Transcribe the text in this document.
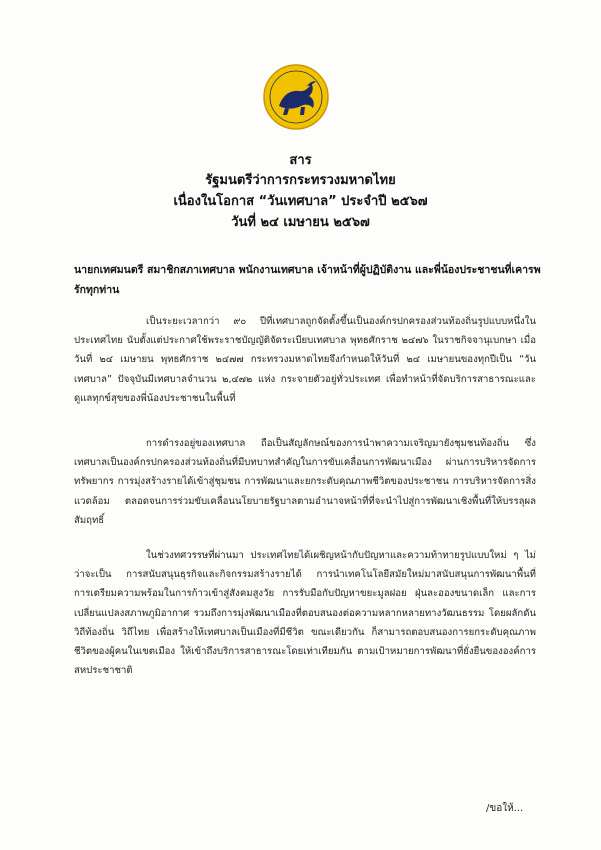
สาร
รัฐมนตรีว่าการกระทรวงมหาดไทย
เนื่องในโอกาส “วันเทศบาล” ประจำปี ๒๕๖๗
วันที่ ๒๔ เมษายน ๒๕๖๗
นายกเทศมนตรี สมาชิกสภาเทศบาล พนักงานเทศบาล เจ้าหน้าที่ผู้ปฏิบัติงาน และพี่น้องประชาชนที่เคารพรักทุกท่าน
เป็นระยะเวลากว่า ๙๐ ปีที่เทศบาลถูกจัดตั้งขึ้นเป็นองค์กรปกครองส่วนท้องถิ่นรูปแบบหนึ่งในประเทศไทย นับตั้งแต่ประกาศใช้พระราชบัญญัติจัดระเบียบเทศบาล พุทธศักราช ๒๔๗๖ ในราชกิจจานุเบกษา เมื่อวันที่ ๒๔ เมษายน พุทธศักราช ๒๔๗๗ กระทรวงมหาดไทยจึงกำหนดให้วันที่ ๒๔ เมษายนของทุกปีเป็น “วันเทศบาล” ปัจจุบันมีเทศบาลจำนวน ๒,๔๗๒ แห่ง กระจายตัวอยู่ทั่วประเทศ เพื่อทำหน้าที่จัดบริการสาธารณะและดูแลทุกข์สุขของพี่น้องประชาชนในพื้นที่
การดำรงอยู่ของเทศบาล ถือเป็นสัญลักษณ์ของการนำพาความเจริญมายังชุมชนท้องถิ่น ซึ่งเทศบาลเป็นองค์กรปกครองส่วนท้องถิ่นที่มีบทบาทสำคัญในการขับเคลื่อนการพัฒนาเมือง ผ่านการบริหารจัดการทรัพยากร การมุ่งสร้างรายได้เข้าสู่ชุมชน การพัฒนาและยกระดับคุณภาพชีวิตของประชาชน การบริหารจัดการสิ่งแวดล้อม ตลอดจนการร่วมขับเคลื่อนนโยบายรัฐบาลตามอำนาจหน้าที่ที่จะนำไปสู่การพัฒนาเชิงพื้นที่ให้บรรลุผลสัมฤทธิ์
ในช่วงทศวรรษที่ผ่านมา ประเทศไทยได้เผชิญหน้ากับปัญหาและความท้าทายรูปแบบใหม่ ๆ ไม่ว่าจะเป็น การสนับสนุนธุรกิจและกิจกรรมสร้างรายได้ การนำเทคโนโลยีสมัยใหม่มาสนับสนุนการพัฒนาพื้นที่ การเตรียมความพร้อมในการก้าวเข้าสู่สังคมสูงวัย การรับมือกับปัญหาขยะมูลฝอย ฝุ่นละอองขนาดเล็ก และการเปลี่ยนแปลงสภาพภูมิอากาศ รวมถึงการมุ่งพัฒนาเมืองที่ตอบสนองต่อความหลากหลายทางวัฒนธรรม โดยผลักดันวิถีท้องถิ่น วิถีไทย เพื่อสร้างให้เทศบาลเป็นเมืองที่มีชีวิต ขณะเดียวกัน ก็สามารถตอบสนองการยกระดับคุณภาพชีวิตของผู้คนในเขตเมือง ให้เข้าถึงบริการสาธารณะโดยเท่าเทียมกัน ตามเป้าหมายการพัฒนาที่ยั่งยืนขององค์การสหประชาชาติ
/ขอให้...
